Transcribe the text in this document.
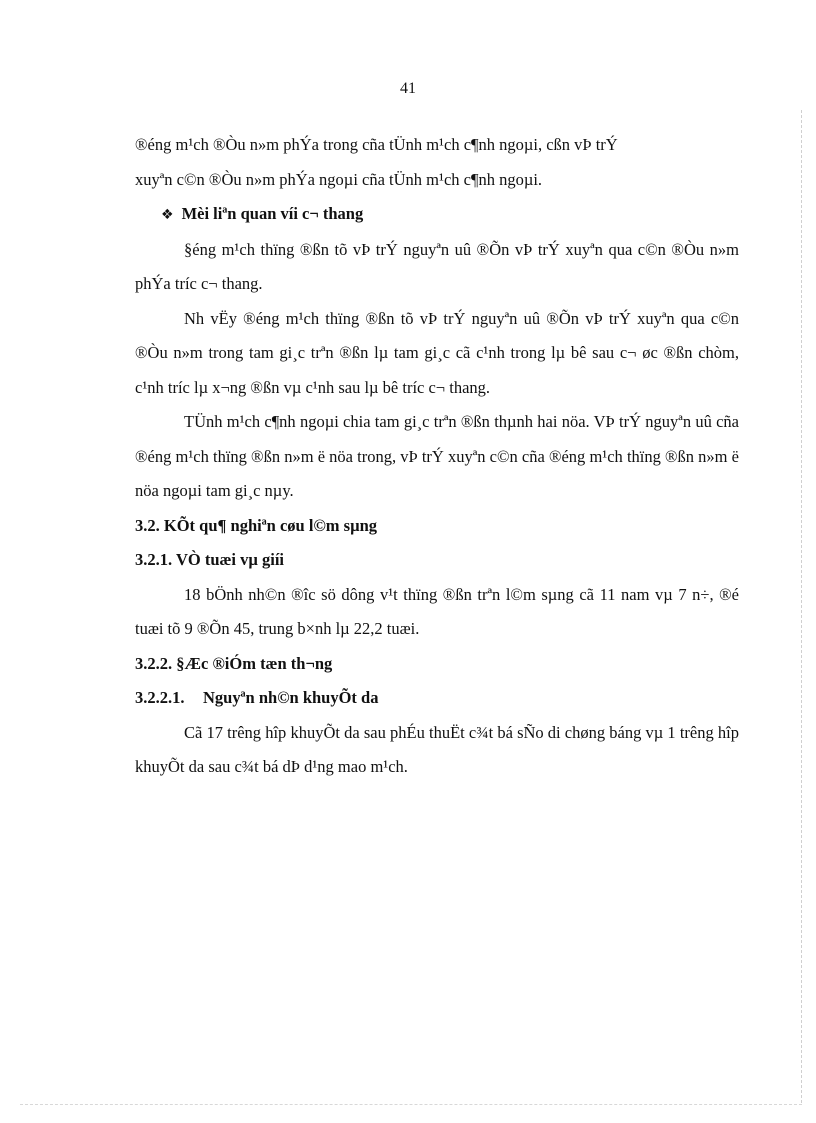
41

®éng m¹ch ®Òu n»m phÝa trong cña tÜnh m¹ch c¶nh ngoµi, cßn vÞ trÝ
xuyªn c©n ®Òu n»m phÝa ngoµi cña tÜnh m¹ch c¶nh ngoµi.

❖ Mèi liªn quan víi c¬ thang

§éng m¹ch thïng ®ßn tõ vÞ trÝ nguyªn uû ®Õn vÞ trÝ xuyªn qua c©n ®Òu n»m phÝa tríc c¬ thang.

Nh vËy ®éng m¹ch thïng ®ßn tõ vÞ trÝ nguyªn uû ®Õn vÞ trÝ xuyªn qua c©n ®Òu n»m trong tam gi¸c trªn ®ßn lµ tam gi¸c cã c¹nh trong lµ bê sau c¬ øc ®ßn chòm, c¹nh tríc lµ x¬ng ®ßn vµ c¹nh sau lµ bê tríc c¬ thang.

TÜnh m¹ch c¶nh ngoµi chia tam gi¸c trªn ®ßn thµnh hai nöa. VÞ trÝ nguyªn uû cña ®éng m¹ch thïng ®ßn n»m ë nöa trong, vÞ trÝ xuyªn c©n cña ®éng m¹ch thïng ®ßn n»m ë nöa ngoµi tam gi¸c nµy.

3.2. KÕt qu¶ nghiªn cøu l©m sµng

3.2.1. VÒ tuæi vµ giíi

18 bÖnh nh©n ®îc sö dông v¹t thïng ®ßn trªn l©m sµng cã 11 nam vµ 7 n÷, ®é tuæi tõ 9 ®Õn 45, trung b×nh lµ 22,2 tuæi.

3.2.2. §Æc ®iÓm tæn th¬ng

3.2.2.1. Nguyªn nh©n khuyÕt da

Cã 17 trêng hîp khuyÕt da sau phÉu thuËt c¾t bá sÑo di chøng báng vµ 1 trêng hîp khuyÕt da sau c¾t bá dÞ d¹ng mao m¹ch.
